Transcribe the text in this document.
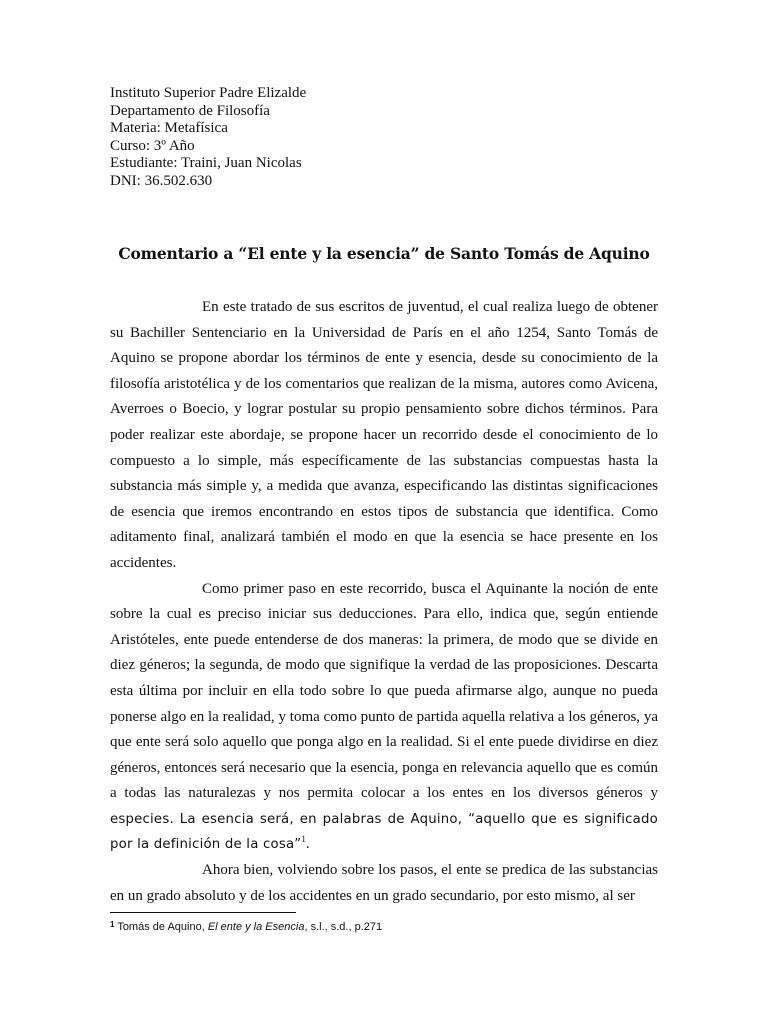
Instituto Superior Padre Elizalde
Departamento de Filosofía
Materia: Metafísica
Curso: 3º Año
Estudiante: Traini, Juan Nicolas
DNI: 36.502.630
Comentario a “El ente y la esencia” de Santo Tomás de Aquino

En este tratado de sus escritos de juventud, el cual realiza luego de obtener su Bachiller Sentenciario en la Universidad de París en el año 1254, Santo Tomás de Aquino se propone abordar los términos de ente y esencia, desde su conocimiento de la filosofía aristotélica y de los comentarios que realizan de la misma, autores como Avicena, Averroes o Boecio, y lograr postular su propio pensamiento sobre dichos términos. Para poder realizar este abordaje, se propone hacer un recorrido desde el conocimiento de lo compuesto a lo simple, más específicamente de las substancias compuestas hasta la substancia más simple y, a medida que avanza, especificando las distintas significaciones de esencia que iremos encontrando en estos tipos de substancia que identifica. Como aditamento final, analizará también el modo en que la esencia se hace presente en los accidentes.

Como primer paso en este recorrido, busca el Aquinante la noción de ente sobre la cual es preciso iniciar sus deducciones. Para ello, indica que, según entiende Aristóteles, ente puede entenderse de dos maneras: la primera, de modo que se divide en diez géneros; la segunda, de modo que signifique la verdad de las proposiciones. Descarta esta última por incluir en ella todo sobre lo que pueda afirmarse algo, aunque no pueda ponerse algo en la realidad, y toma como punto de partida aquella relativa a los géneros, ya que ente será solo aquello que ponga algo en la realidad. Si el ente puede dividirse en diez géneros, entonces será necesario que la esencia, ponga en relevancia aquello que es común a todas las naturalezas y nos permita colocar a los entes en los diversos géneros y especies. La esencia será, en palabras de Aquino, “aquello que es significado por la definición de la cosa”$^1$.

Ahora bien, volviendo sobre los pasos, el ente se predica de las substancias en un grado absoluto y de los accidentes en un grado secundario, por esto mismo, al ser

$^1$ Tomás de Aquino, El ente y la Esencia, s.l., s.d., p.271
